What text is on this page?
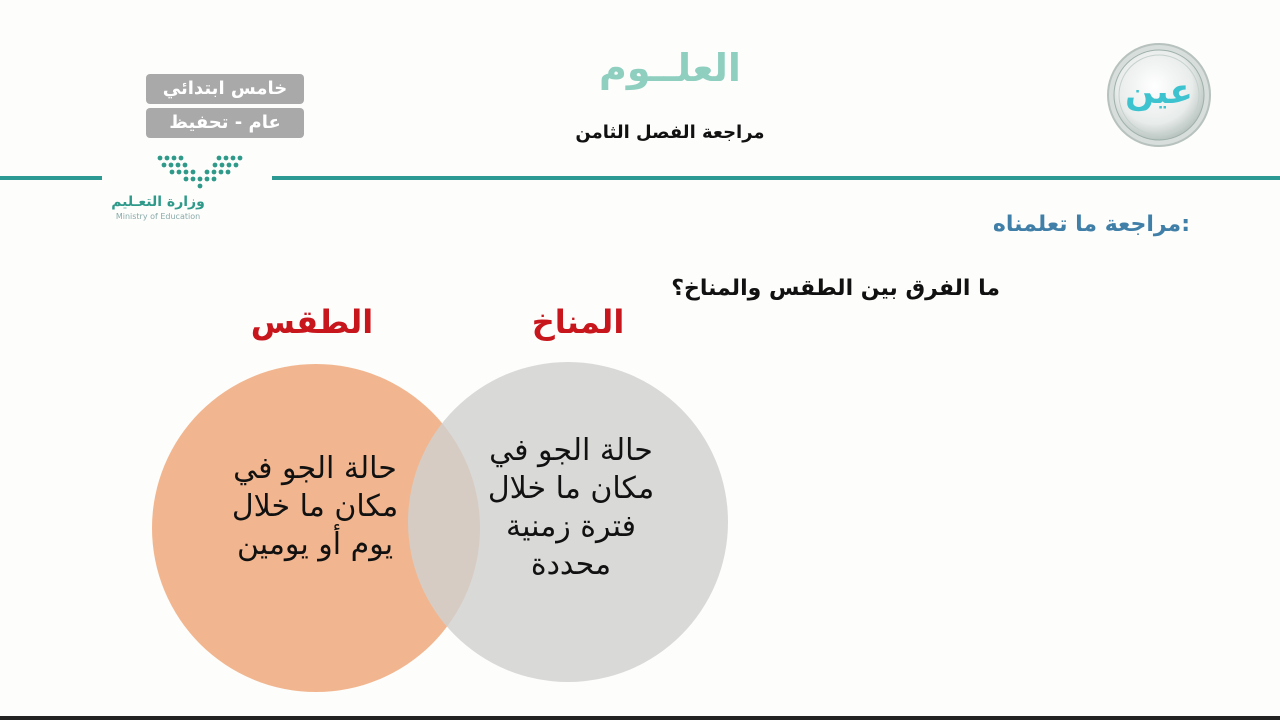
العلــوم
مراجعة الفصل الثامن
خامس ابتدائي
عام - تحفيظ
وزارة التعـليم
Ministry of Education
عين
مراجعة ما تعلمناه:
ما الفرق بين الطقس والمناخ؟
الطقس	المناخ
حالة الجو في
مكان ما خلال
يوم أو يومين
حالة الجو في
مكان ما خلال
فترة زمنية
محددة
